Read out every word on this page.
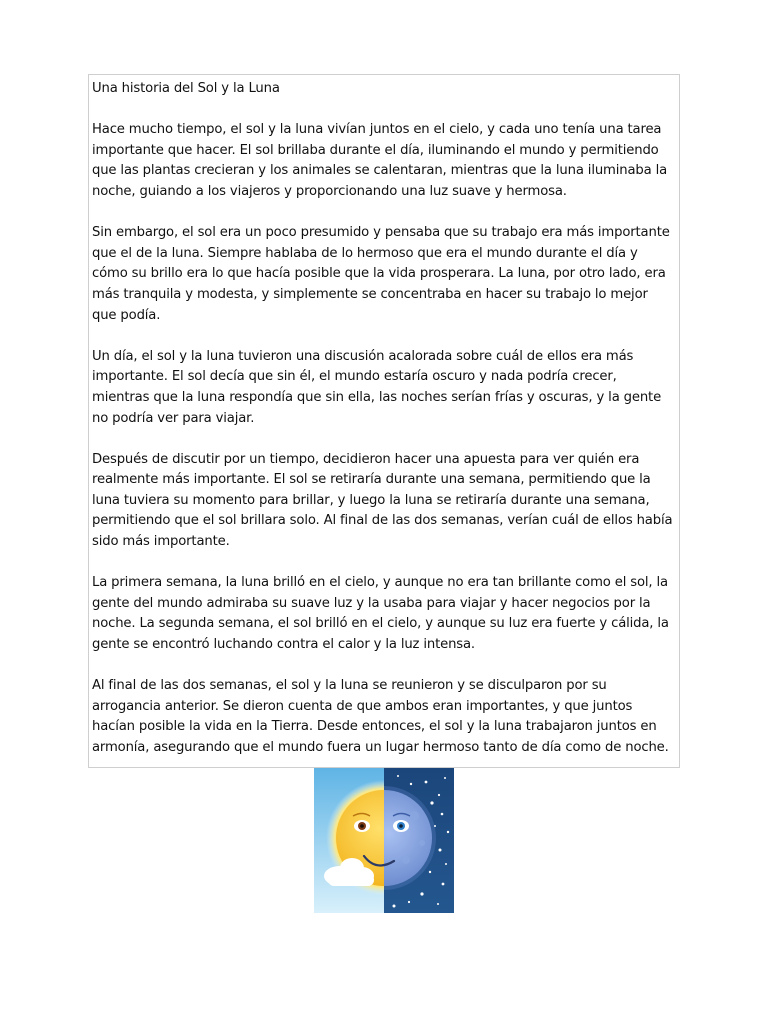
Una historia del Sol y la Luna

Hace mucho tiempo, el sol y la luna vivían juntos en el cielo, y cada uno tenía una tarea importante que hacer. El sol brillaba durante el día, iluminando el mundo y permitiendo que las plantas crecieran y los animales se calentaran, mientras que la luna iluminaba la noche, guiando a los viajeros y proporcionando una luz suave y hermosa.

Sin embargo, el sol era un poco presumido y pensaba que su trabajo era más importante que el de la luna. Siempre hablaba de lo hermoso que era el mundo durante el día y cómo su brillo era lo que hacía posible que la vida prosperara. La luna, por otro lado, era más tranquila y modesta, y simplemente se concentraba en hacer su trabajo lo mejor que podía.

Un día, el sol y la luna tuvieron una discusión acalorada sobre cuál de ellos era más importante. El sol decía que sin él, el mundo estaría oscuro y nada podría crecer, mientras que la luna respondía que sin ella, las noches serían frías y oscuras, y la gente no podría ver para viajar.

Después de discutir por un tiempo, decidieron hacer una apuesta para ver quién era realmente más importante. El sol se retiraría durante una semana, permitiendo que la luna tuviera su momento para brillar, y luego la luna se retiraría durante una semana, permitiendo que el sol brillara solo. Al final de las dos semanas, verían cuál de ellos había sido más importante.

La primera semana, la luna brilló en el cielo, y aunque no era tan brillante como el sol, la gente del mundo admiraba su suave luz y la usaba para viajar y hacer negocios por la noche. La segunda semana, el sol brilló en el cielo, y aunque su luz era fuerte y cálida, la gente se encontró luchando contra el calor y la luz intensa.

Al final de las dos semanas, el sol y la luna se reunieron y se disculparon por su arrogancia anterior. Se dieron cuenta de que ambos eran importantes, y que juntos hacían posible la vida en la Tierra. Desde entonces, el sol y la luna trabajaron juntos en armonía, asegurando que el mundo fuera un lugar hermoso tanto de día como de noche.
